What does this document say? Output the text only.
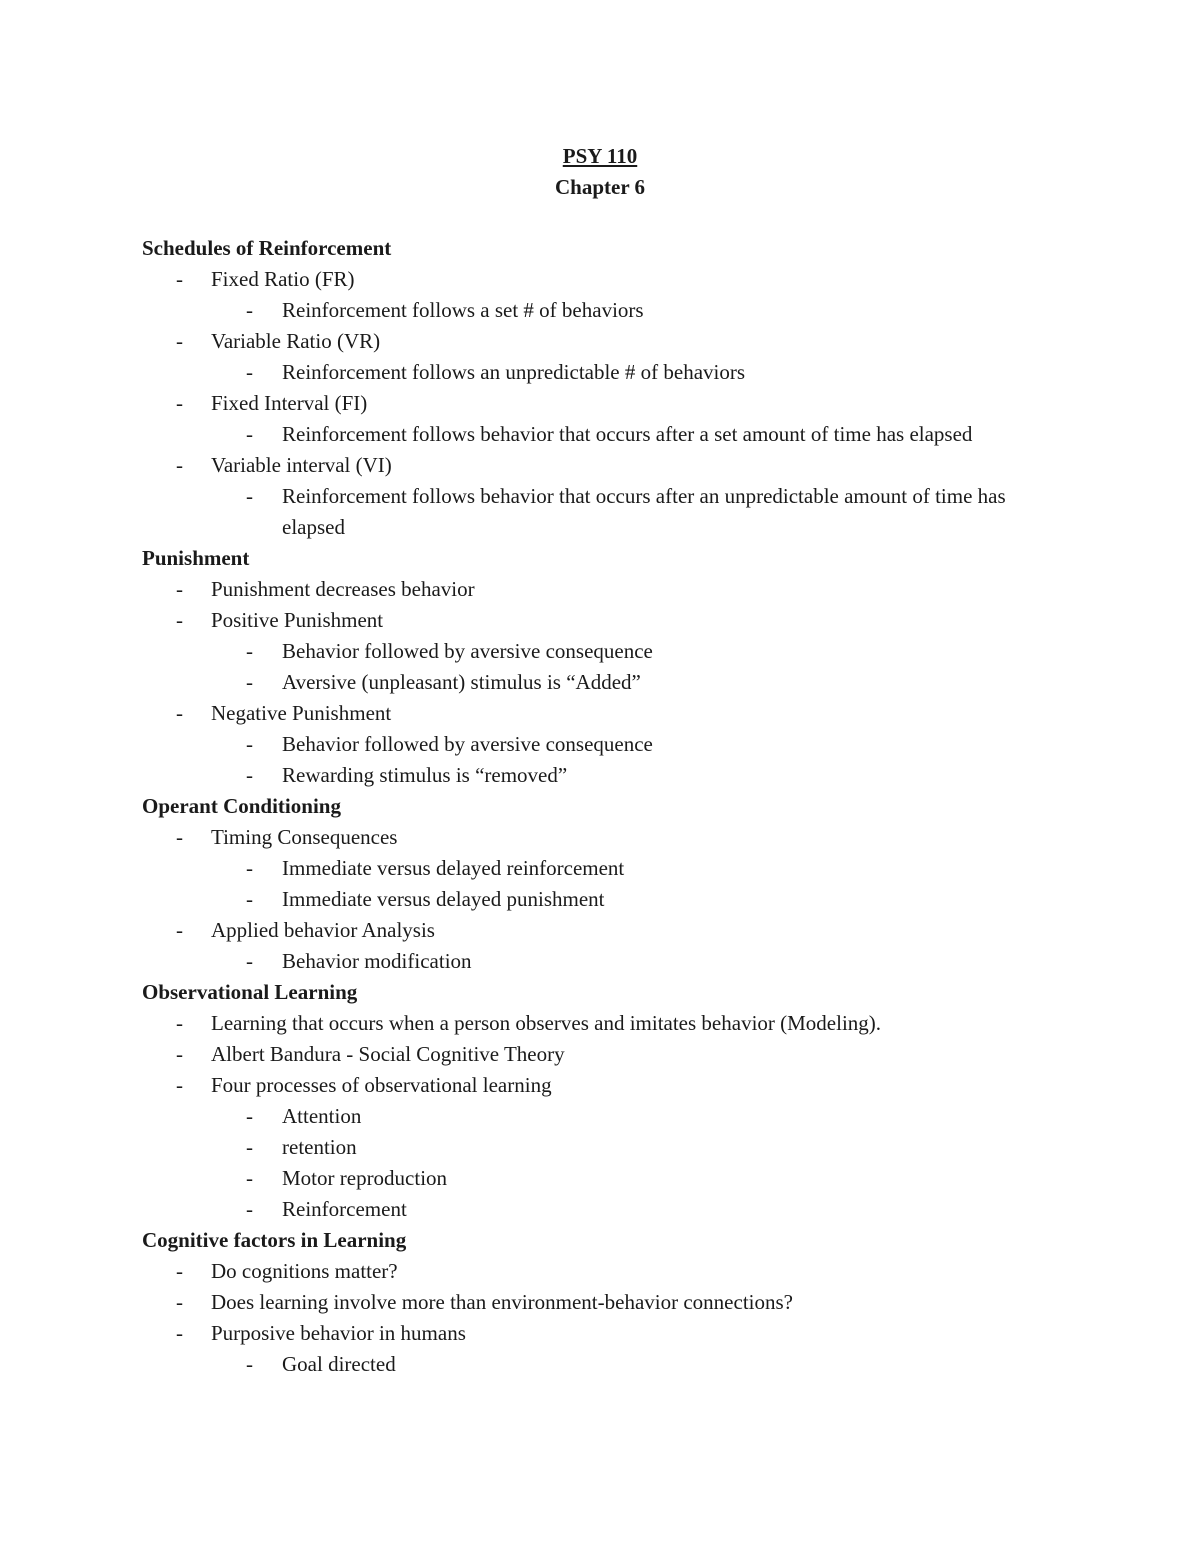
PSY 110
Chapter 6
Schedules of Reinforcement
- Fixed Ratio (FR)
- Reinforcement follows a set # of behaviors
- Variable Ratio (VR)
- Reinforcement follows an unpredictable # of behaviors
- Fixed Interval (FI)
- Reinforcement follows behavior that occurs after a set amount of time has elapsed
- Variable interval (VI)
- Reinforcement follows behavior that occurs after an unpredictable amount of time has elapsed
Punishment
- Punishment decreases behavior
- Positive Punishment
- Behavior followed by aversive consequence
- Aversive (unpleasant) stimulus is “Added”
- Negative Punishment
- Behavior followed by aversive consequence
- Rewarding stimulus is “removed”
Operant Conditioning
- Timing Consequences
- Immediate versus delayed reinforcement
- Immediate versus delayed punishment
- Applied behavior Analysis
- Behavior modification
Observational Learning
- Learning that occurs when a person observes and imitates behavior (Modeling).
- Albert Bandura - Social Cognitive Theory
- Four processes of observational learning
- Attention
- retention
- Motor reproduction
- Reinforcement
Cognitive factors in Learning
- Do cognitions matter?
- Does learning involve more than environment-behavior connections?
- Purposive behavior in humans
- Goal directed
